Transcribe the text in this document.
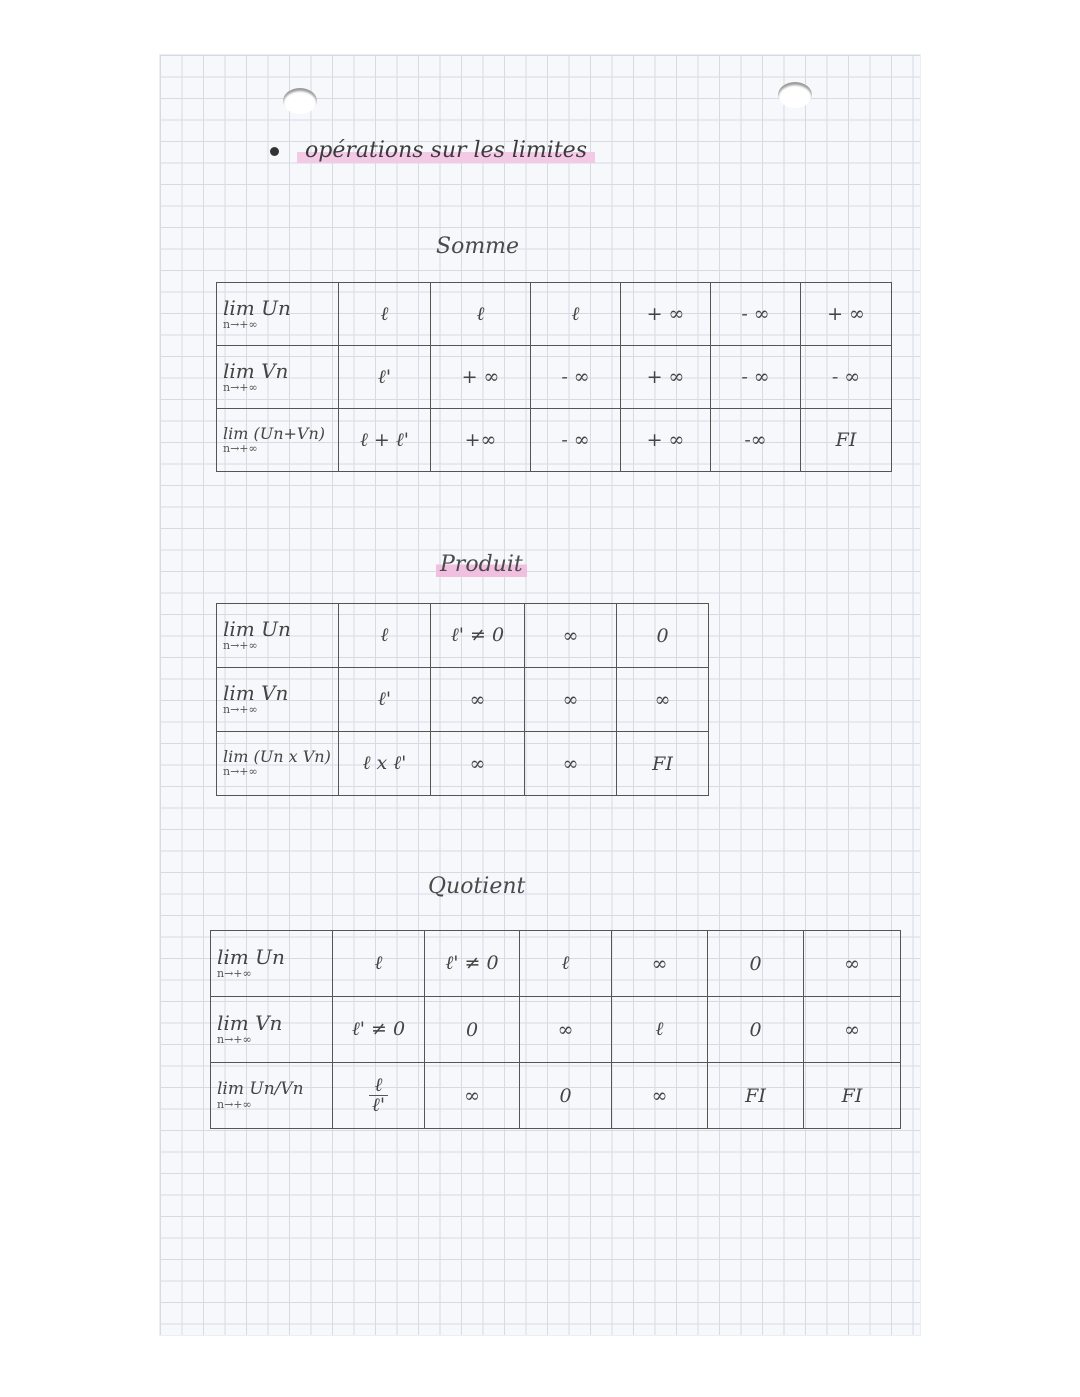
opérations sur les limites
Somme
lim Un
n→+∞	ℓ	ℓ	ℓ	+ ∞	- ∞	+ ∞

lim Vn
n→+∞	ℓ'	+ ∞	- ∞	+ ∞	- ∞	- ∞

lim (Un+Vn)
n→+∞	ℓ + ℓ'	+∞	- ∞	+ ∞	-∞	FI
Produit
lim Un
n→+∞	ℓ	ℓ' ≠ 0	∞	0

lim Vn
n→+∞	ℓ'	∞	∞	∞

lim (Un x Vn)
n→+∞	ℓ x ℓ'	∞	∞	FI
Quotient
lim Un
n→+∞	ℓ	ℓ' ≠ 0	ℓ	∞	0	∞

lim Vn
n→+∞	ℓ' ≠ 0	0	∞	ℓ	0	∞

lim Un/Vn
n→+∞	$\frac{\text{ℓ}}{\text{ℓ'}}$	∞	0	∞	FI	FI
